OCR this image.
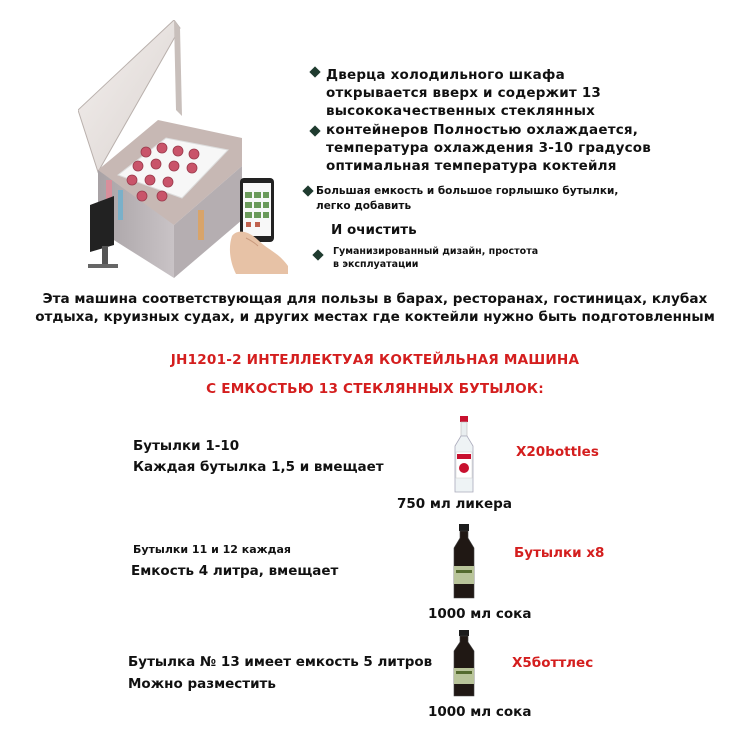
Дверца холодильного шкафа
открывается вверх и содержит 13
высококачественных стеклянных
контейнеров Полностью охлаждается,
температура охлаждения 3-10 градусов
оптимальная температура коктейля
Большая емкость и большое горлышко бутылки,
легко добавить
И очистить
Гуманизированный дизайн, простота
в эксплуатации
Эта машина соответствующая для пользы в барах, ресторанах, гостиницах, клубах
отдыха, круизных судах, и других местах где коктейли нужно быть подготовленным
JH1201-2 ИНТЕЛЛЕКТУАЯ КОКТЕЙЛЬНАЯ МАШИНА
С ЕМКОСТЬЮ 13 СТЕКЛЯННЫХ БУТЫЛОК:
Бутылки 1-10
Каждая бутылка 1,5 и вмещает
X20bottles
750 мл ликера
Бутылки 11 и 12 каждая
Емкость 4 литра, вмещает
Бутылки x8
1000 мл сока
Бутылка № 13 имеет емкость 5 литров
Можно разместить
X5боттлес
1000 мл сока
